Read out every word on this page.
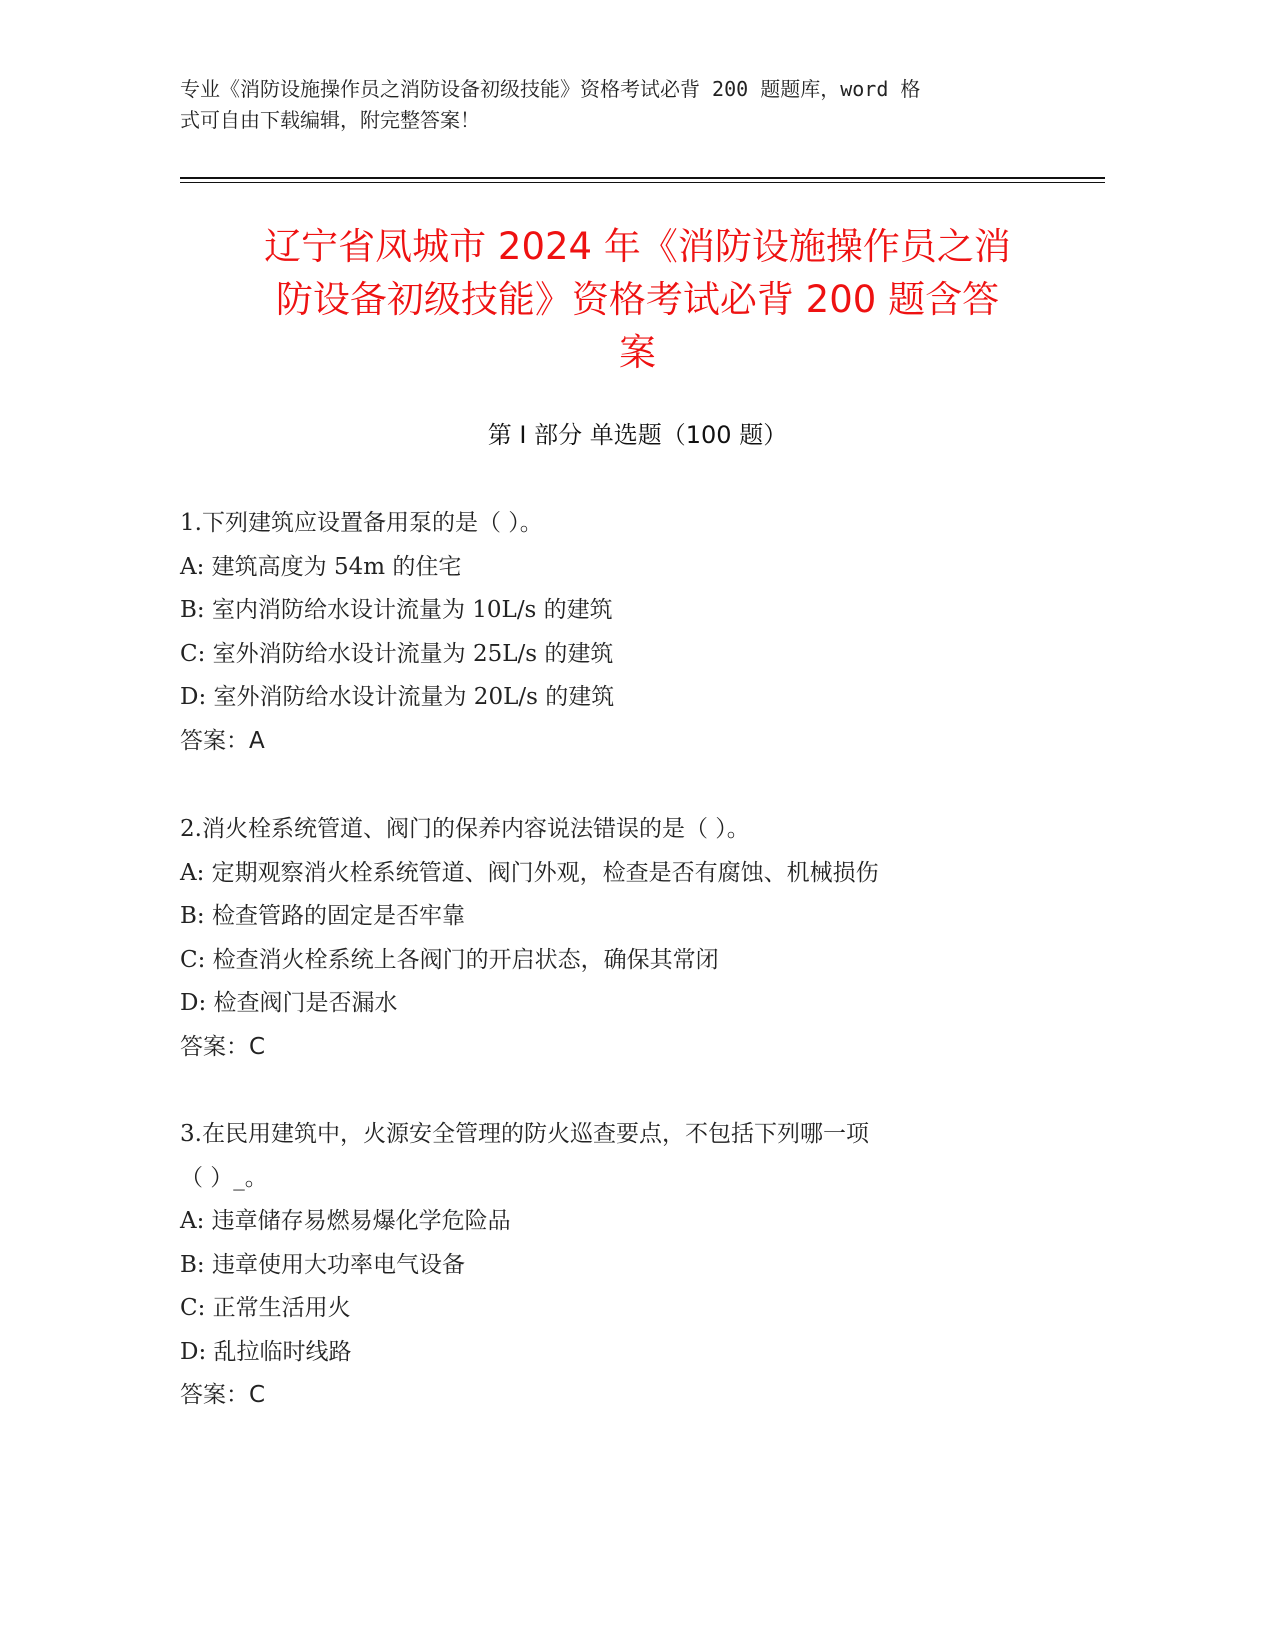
专业《消防设施操作员之消防设备初级技能》资格考试必背 200 题题库，word 格
式可自由下载编辑，附完整答案！
辽宁省凤城市 2024 年《消防设施操作员之消
防设备初级技能》资格考试必背 200 题含答
案
第 I 部分 单选题（100 题）
1.下列建筑应设置备用泵的是（ ）。
A: 建筑高度为 54m 的住宅
B: 室内消防给水设计流量为 10L/s 的建筑
C: 室外消防给水设计流量为 25L/s 的建筑
D: 室外消防给水设计流量为 20L/s 的建筑
答案：A
2.消火栓系统管道、阀门的保养内容说法错误的是（ ）。
A: 定期观察消火栓系统管道、阀门外观，检查是否有腐蚀、机械损伤
B: 检查管路的固定是否牢靠
C: 检查消火栓系统上各阀门的开启状态，确保其常闭
D: 检查阀门是否漏水
答案：C
3.在民用建筑中，火源安全管理的防火巡查要点，不包括下列哪一项
（ ）_。
A: 违章储存易燃易爆化学危险品
B: 违章使用大功率电气设备
C: 正常生活用火
D: 乱拉临时线路
答案：C
